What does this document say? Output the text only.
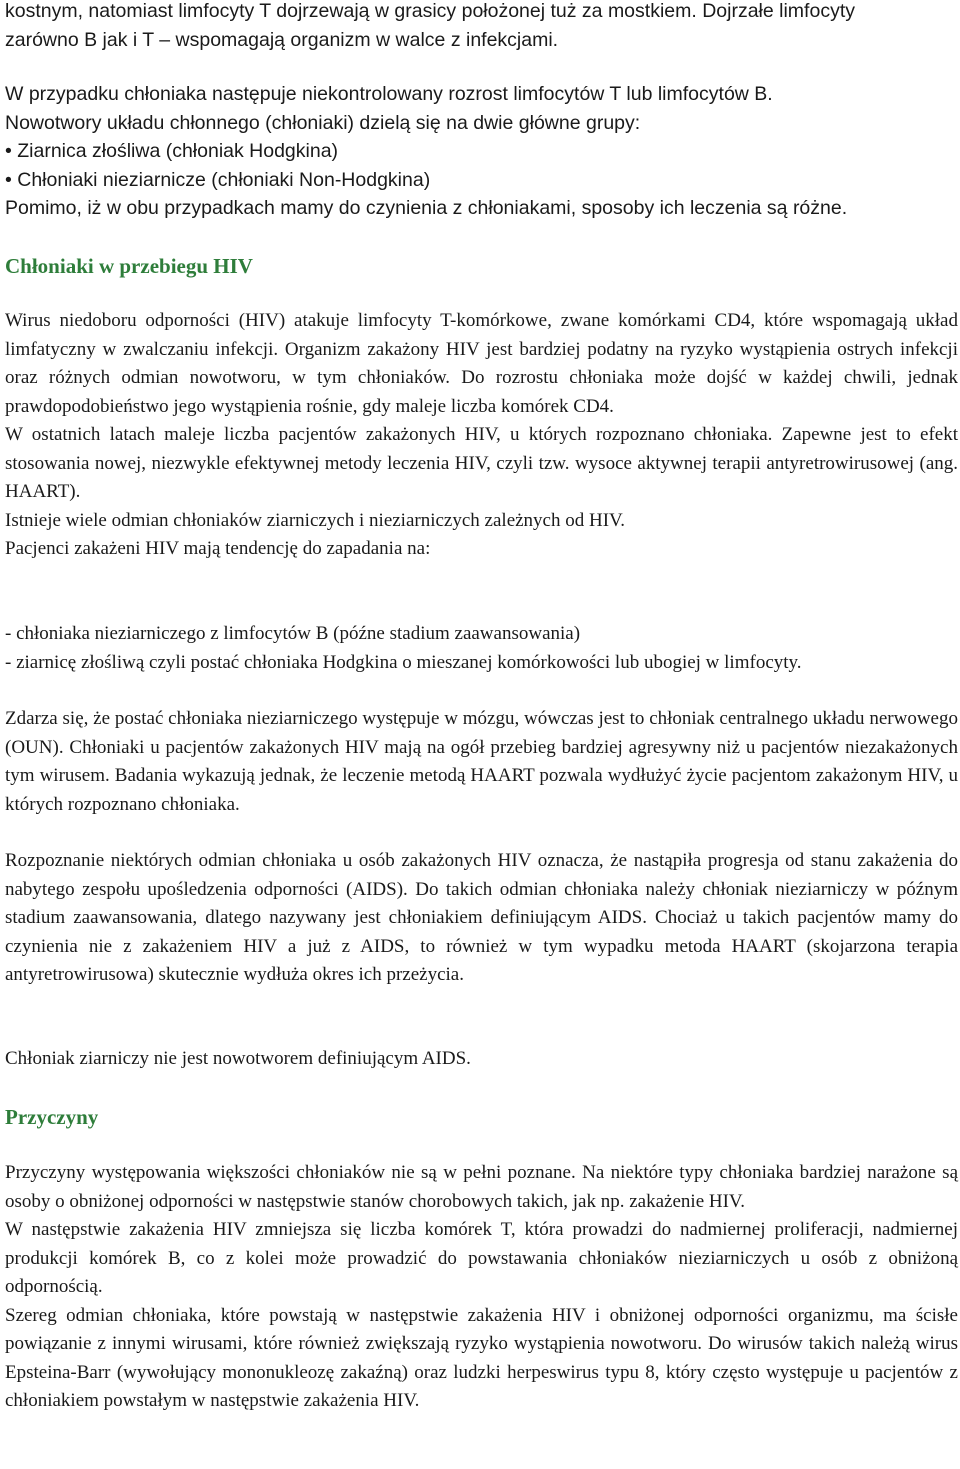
kostnym, natomiast limfocyty T dojrzewają w grasicy położonej tuż za mostkiem. Dojrzałe limfocyty

zarówno B jak i T – wspomagają organizm w walce z infekcjami.

W przypadku chłoniaka następuje niekontrolowany rozrost limfocytów T lub limfocytów B.

Nowotwory układu chłonnego (chłoniaki) dzielą się na dwie główne grupy:

• Ziarnica złośliwa (chłoniak Hodgkina)

• Chłoniaki nieziarnicze (chłoniaki Non-Hodgkina)

Pomimo, iż w obu przypadkach mamy do czynienia z chłoniakami, sposoby ich leczenia są różne.

Chłoniaki w przebiegu HIV

Wirus niedoboru odporności (HIV) atakuje limfocyty T-komórkowe, zwane komórkami CD4, które wspomagają układ limfatyczny w zwalczaniu infekcji. Organizm zakażony HIV jest bardziej podatny na ryzyko wystąpienia ostrych infekcji oraz różnych odmian nowotworu, w tym chłoniaków. Do rozrostu chłoniaka może dojść w każdej chwili, jednak prawdopodobieństwo jego wystąpienia rośnie, gdy maleje liczba komórek CD4.

W ostatnich latach maleje liczba pacjentów zakażonych HIV, u których rozpoznano chłoniaka. Zapewne jest to efekt stosowania nowej, niezwykle efektywnej metody leczenia HIV, czyli tzw. wysoce aktywnej terapii antyretrowirusowej (ang. HAART).

Istnieje wiele odmian chłoniaków ziarniczych i nieziarniczych zależnych od HIV.

Pacjenci zakażeni HIV mają tendencję do zapadania na:

- chłoniaka nieziarniczego z limfocytów B (późne stadium zaawansowania)

- ziarnicę złośliwą czyli postać chłoniaka Hodgkina o mieszanej komórkowości lub ubogiej w limfocyty.

Zdarza się, że postać chłoniaka nieziarniczego występuje w mózgu, wówczas jest to chłoniak centralnego układu nerwowego (OUN). Chłoniaki u pacjentów zakażonych HIV mają na ogół przebieg bardziej agresywny niż u pacjentów niezakażonych tym wirusem. Badania wykazują jednak, że leczenie metodą HAART pozwala wydłużyć życie pacjentom zakażonym HIV, u których rozpoznano chłoniaka.

Rozpoznanie niektórych odmian chłoniaka u osób zakażonych HIV oznacza, że nastąpiła progresja od stanu zakażenia do nabytego zespołu upośledzenia odporności (AIDS). Do takich odmian chłoniaka należy chłoniak nieziarniczy w późnym stadium zaawansowania, dlatego nazywany jest chłoniakiem definiującym AIDS. Chociaż u takich pacjentów mamy do czynienia nie z zakażeniem HIV a już z AIDS, to również w tym wypadku metoda HAART (skojarzona terapia antyretrowirusowa) skutecznie wydłuża okres ich przeżycia.

Chłoniak ziarniczy nie jest nowotworem definiującym AIDS.

Przyczyny

Przyczyny występowania większości chłoniaków nie są w pełni poznane. Na niektóre typy chłoniaka bardziej narażone są osoby o obniżonej odporności w następstwie stanów chorobowych takich, jak np. zakażenie HIV.

W następstwie zakażenia HIV zmniejsza się liczba komórek T, która prowadzi do nadmiernej proliferacji, nadmiernej produkcji komórek B, co z kolei może prowadzić do powstawania chłoniaków nieziarniczych u osób z obniżoną odpornością.

Szereg odmian chłoniaka, które powstają w następstwie zakażenia HIV i obniżonej odporności organizmu, ma ścisłe powiązanie z innymi wirusami, które również zwiększają ryzyko wystąpienia nowotworu. Do wirusów takich należą wirus Epsteina-Barr (wywołujący mononukleozę zakaźną) oraz ludzki herpeswirus typu 8, który często występuje u pacjentów z chłoniakiem powstałym w następstwie zakażenia HIV.
